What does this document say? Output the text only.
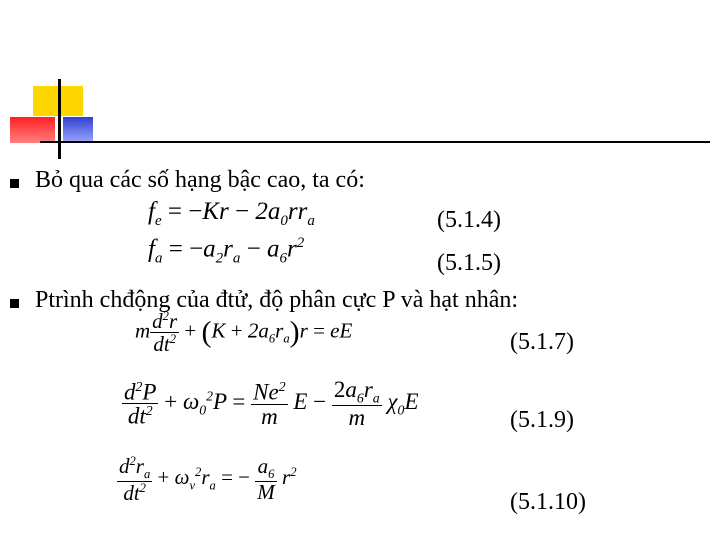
Bỏ qua các số hạng bậc cao, ta có:
$f_e = -Kr - 2a_0rr_a$	(5.1.4)
$f_a = -a_2r_a - a_6r^2$
(5.1.5)
Ptrình chđộng của đtử, độ phân cực P và hạt nhân:
m $\frac{d^2r}{dt^2} + (K + 2a_6r_a)r$ = eE	(5.1.7)
$\frac{d^2P}{dt^2} + \omega_0^2P = \frac{Ne^2}{m}$ $E - \frac{2a_6r_a}{m} \chi_0E$
(5.1.9)
$\frac{d^2r_a}{dt^2} + \omega_v^2r_a$ = − $\frac{a_6}{M} r^2$
(5.1.10)
